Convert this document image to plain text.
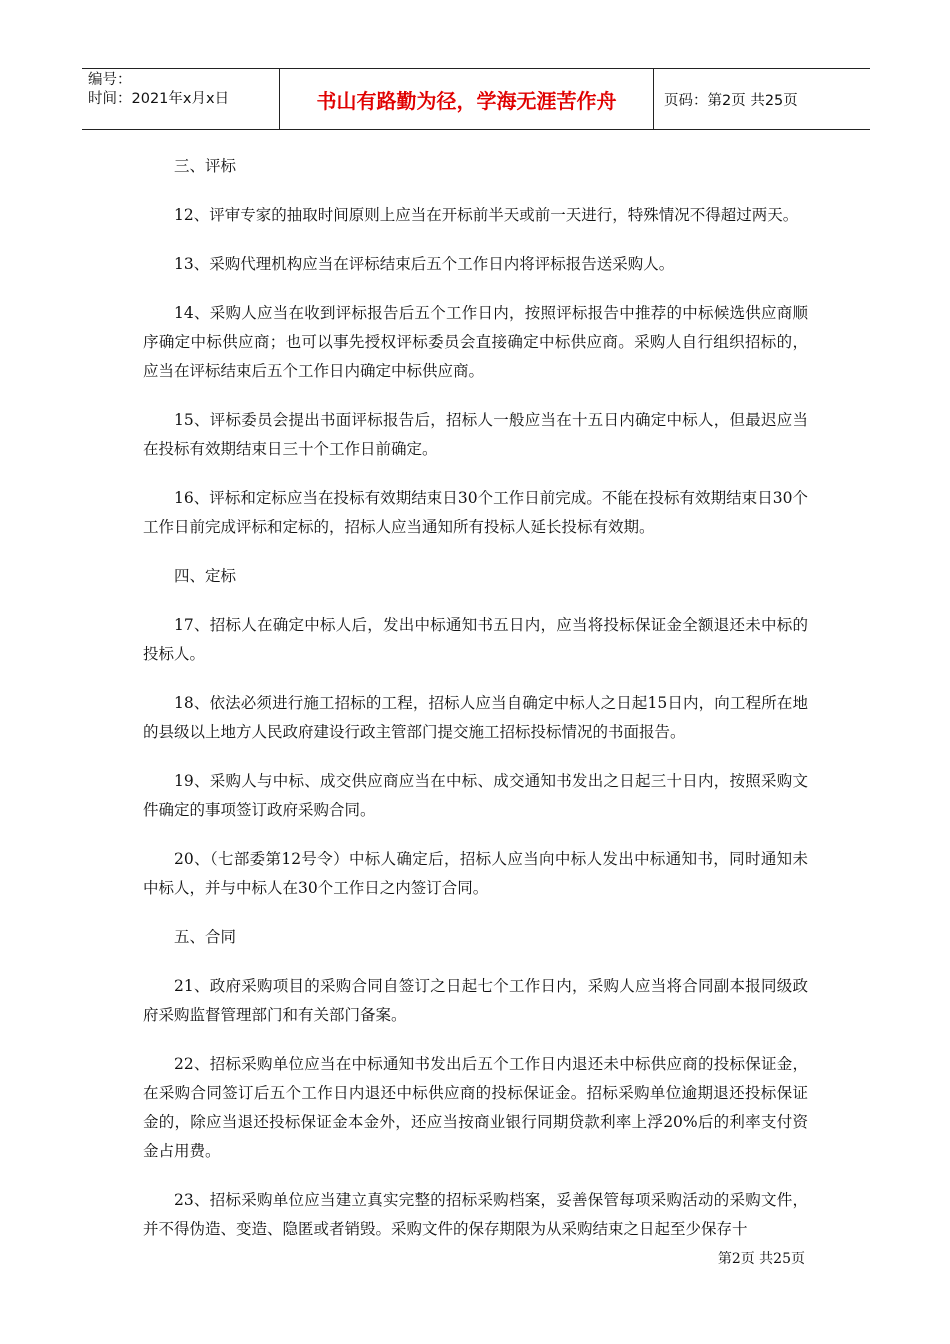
编号：
时间：2021年x月x日	书山有路勤为径，学海无涯苦作舟	页码：第2页 共25页

三、评标

12、评审专家的抽取时间原则上应当在开标前半天或前一天进行，特殊情况不得超过两天。

13、采购代理机构应当在评标结束后五个工作日内将评标报告送采购人。

14、采购人应当在收到评标报告后五个工作日内，按照评标报告中推荐的中标候选供应商顺序确定中标供应商；也可以事先授权评标委员会直接确定中标供应商。采购人自行组织招标的，应当在评标结束后五个工作日内确定中标供应商。

15、评标委员会提出书面评标报告后，招标人一般应当在十五日内确定中标人，但最迟应当在投标有效期结束日三十个工作日前确定。

16、评标和定标应当在投标有效期结束日30个工作日前完成。不能在投标有效期结束日30个工作日前完成评标和定标的，招标人应当通知所有投标人延长投标有效期。

四、定标

17、招标人在确定中标人后，发出中标通知书五日内，应当将投标保证金全额退还未中标的投标人。

18、依法必须进行施工招标的工程，招标人应当自确定中标人之日起15日内，向工程所在地的县级以上地方人民政府建设行政主管部门提交施工招标投标情况的书面报告。

19、采购人与中标、成交供应商应当在中标、成交通知书发出之日起三十日内，按照采购文件确定的事项签订政府采购合同。

20、（七部委第12号令）中标人确定后，招标人应当向中标人发出中标通知书，同时通知未中标人，并与中标人在30个工作日之内签订合同。

五、合同

21、政府采购项目的采购合同自签订之日起七个工作日内，采购人应当将合同副本报同级政府采购监督管理部门和有关部门备案。

22、招标采购单位应当在中标通知书发出后五个工作日内退还未中标供应商的投标保证金，在采购合同签订后五个工作日内退还中标供应商的投标保证金。招标采购单位逾期退还投标保证金的，除应当退还投标保证金本金外，还应当按商业银行同期贷款利率上浮20%后的利率支付资金占用费。

23、招标采购单位应当建立真实完整的招标采购档案，妥善保管每项采购活动的采购文件，并不得伪造、变造、隐匿或者销毁。采购文件的保存期限为从采购结束之日起至少保存十

第2页 共25页
